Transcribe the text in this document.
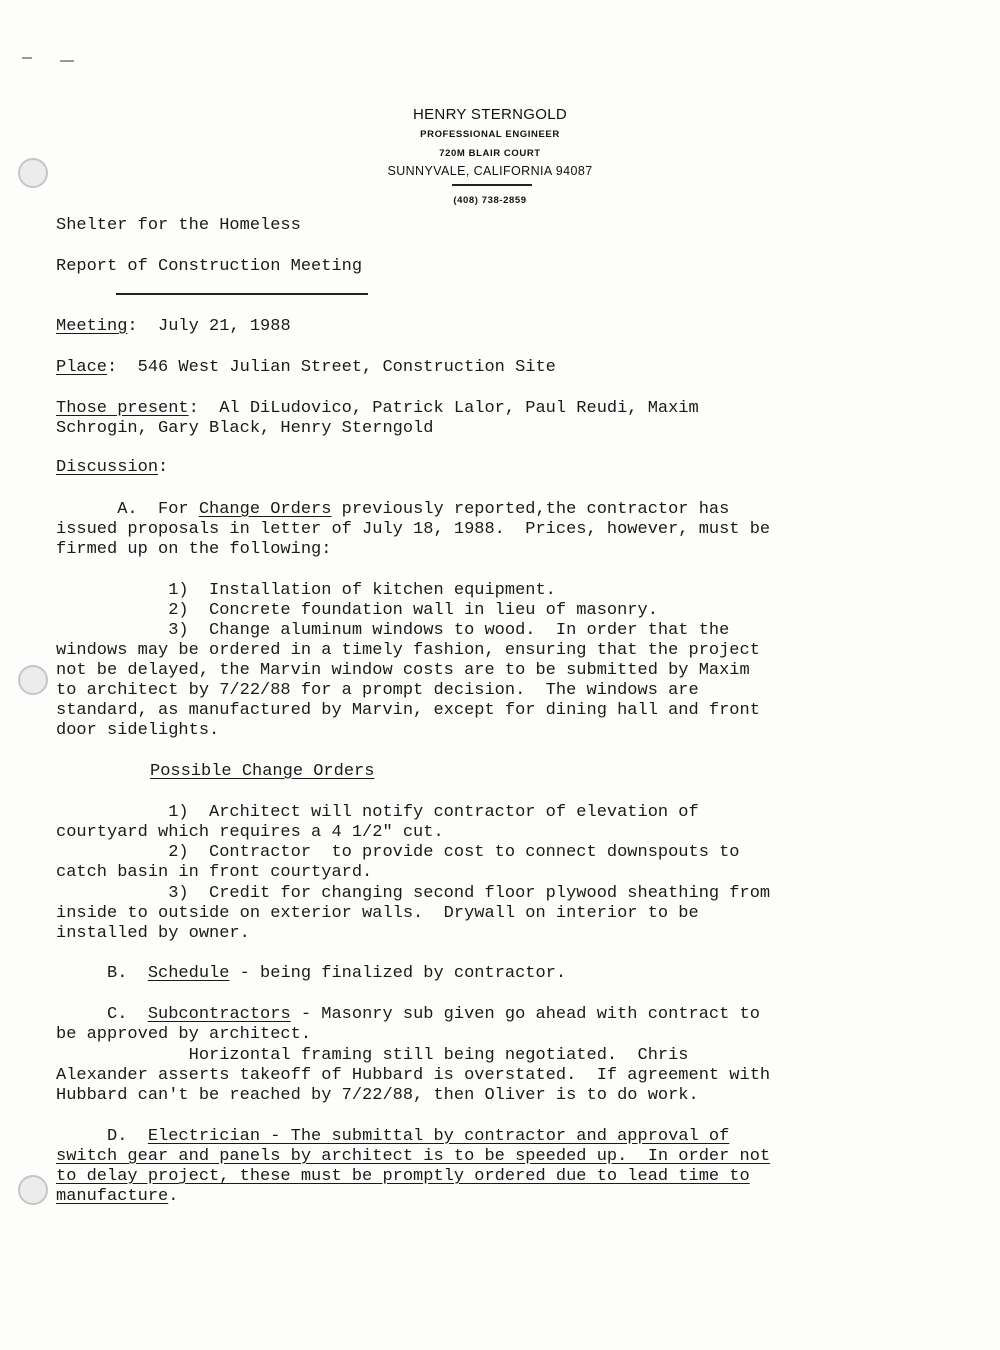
HENRY STERNGOLD
PROFESSIONAL ENGINEER
720M BLAIR COURT
SUNNYVALE, CALIFORNIA 94087
(408) 738-2859
Shelter for the Homeless
Report of Construction Meeting
Meeting:  July 21, 1988
Place:  546 West Julian Street, Construction Site
Those present:  Al DiLudovico, Patrick Lalor, Paul Reudi, Maxim
Schrogin, Gary Black, Henry Sterngold
Discussion:
A.  For Change Orders previously reported,the contractor has
issued proposals in letter of July 18, 1988.  Prices, however, must be
firmed up on the following:
1)  Installation of kitchen equipment.
2)  Concrete foundation wall in lieu of masonry.
3)  Change aluminum windows to wood.  In order that the
windows may be ordered in a timely fashion, ensuring that the project
not be delayed, the Marvin window costs are to be submitted by Maxim
to architect by 7/22/88 for a prompt decision.  The windows are
standard, as manufactured by Marvin, except for dining hall and front
door sidelights.
Possible Change Orders
1)  Architect will notify contractor of elevation of
courtyard which requires a 4 1/2" cut.
2)  Contractor  to provide cost to connect downspouts to
catch basin in front courtyard.
3)  Credit for changing second floor plywood sheathing from
inside to outside on exterior walls.  Drywall on interior to be
installed by owner.
B.  Schedule - being finalized by contractor.
C.  Subcontractors - Masonry sub given go ahead with contract to
be approved by architect.
Horizontal framing still being negotiated.  Chris
Alexander asserts takeoff of Hubbard is overstated.  If agreement with
Hubbard can't be reached by 7/22/88, then Oliver is to do work.
D.  Electrician - The submittal by contractor and approval of
switch gear and panels by architect is to be speeded up.  In order not
to delay project, these must be promptly ordered due to lead time to
manufacture.
